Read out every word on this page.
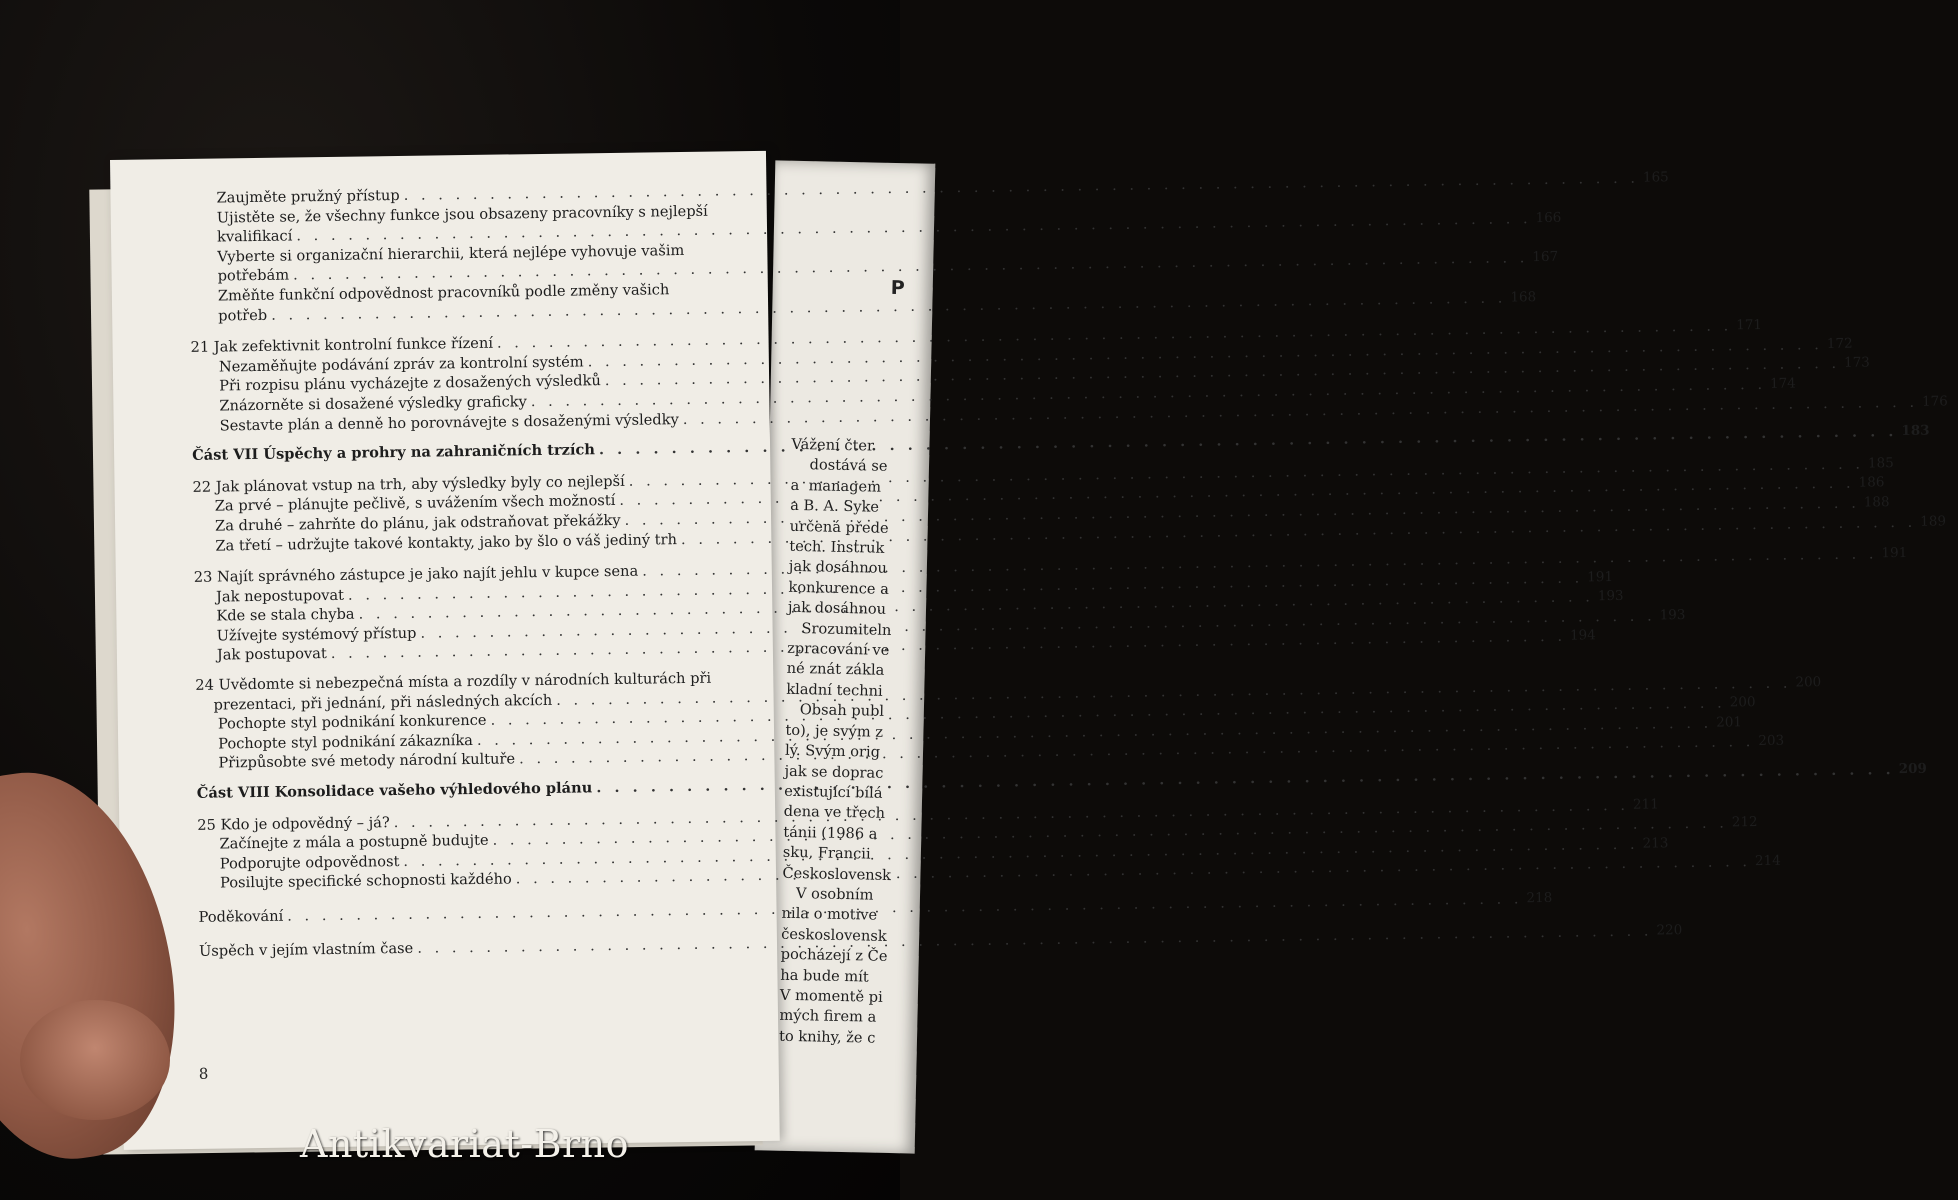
P
Vážení čter
dostává se
a  managem
a B. A. Syke
určená přede
tech. Instruk
jak dosáhnou
konkurence a
jak dosáhnou
Srozumiteln
zpracování ve
né znát zákla
kladní techni
Obsah publ
to), je svým z
lý. Svým orig
jak se doprac
existující bílá
dena ve třech
tánii (1986 a
sku, Francii
Československ
V osobním
nila o motive
československ
pocházejí z Če
ha bude mít
V momentě pi
mých firem a
to knihy, že c
Zaujměte pružný přístup
. . .
165
Ujistěte se, že všechny funkce jsou obsazeny pracovníky s nejlepší
kvalifikací
. . .
166
Vyberte si organizační hierarchii, která nejlépe vyhovuje vašim
potřebám
. . .
167
Změňte funkční odpovědnost pracovníků podle změny vašich
potřeb
. . .
168
21 Jak zefektivnit kontrolní funkce řízení
. . .
171
Nezaměňujte podávání zpráv za kontrolní systém
. . .
172
Při rozpisu plánu vycházejte z dosažených výsledků
. . .
173
Znázorněte si dosažené výsledky graficky
. . .
174
Sestavte plán a denně ho porovnávejte s dosaženými výsledky
. . .
176
Část VII Úspěchy a prohry na zahraničních trzích
. . .
183
22 Jak plánovat vstup na trh, aby výsledky byly co nejlepší
. . .
185
Za prvé – plánujte pečlivě, s uvážením všech možností
. . .
186
Za druhé – zahrňte do plánu, jak odstraňovat překážky
. . .
188
Za třetí – udržujte takové kontakty, jako by šlo o váš jediný trh
. . .
189
23 Najít správného zástupce je jako najít jehlu v kupce sena
. . .
191
Jak nepostupovat
. . .
191
Kde se stala chyba
. . .
193
Užívejte systémový přístup
. . .
193
Jak postupovat
. . .
194
24 Uvědomte si nebezpečná místa a rozdíly v národních kulturách při
prezentaci, při jednání, při následných akcích
. . .
200
Pochopte styl podnikání konkurence
. . .
200
Pochopte styl podnikání zákazníka
. . .
201
Přizpůsobte své metody národní kultuře
. . .
203
Část VIII Konsolidace vašeho výhledového plánu
. . .
209
25 Kdo je odpovědný – já?
. . .
211
Začínejte z mála a postupně budujte
. . .
212
Podporujte odpovědnost
. . .
213
Posilujte specifické schopnosti každého
. . .
214
Poděkování
. . .
218
Úspěch v jejím vlastním čase
. . .
220
8
Antikvariat-Brno
